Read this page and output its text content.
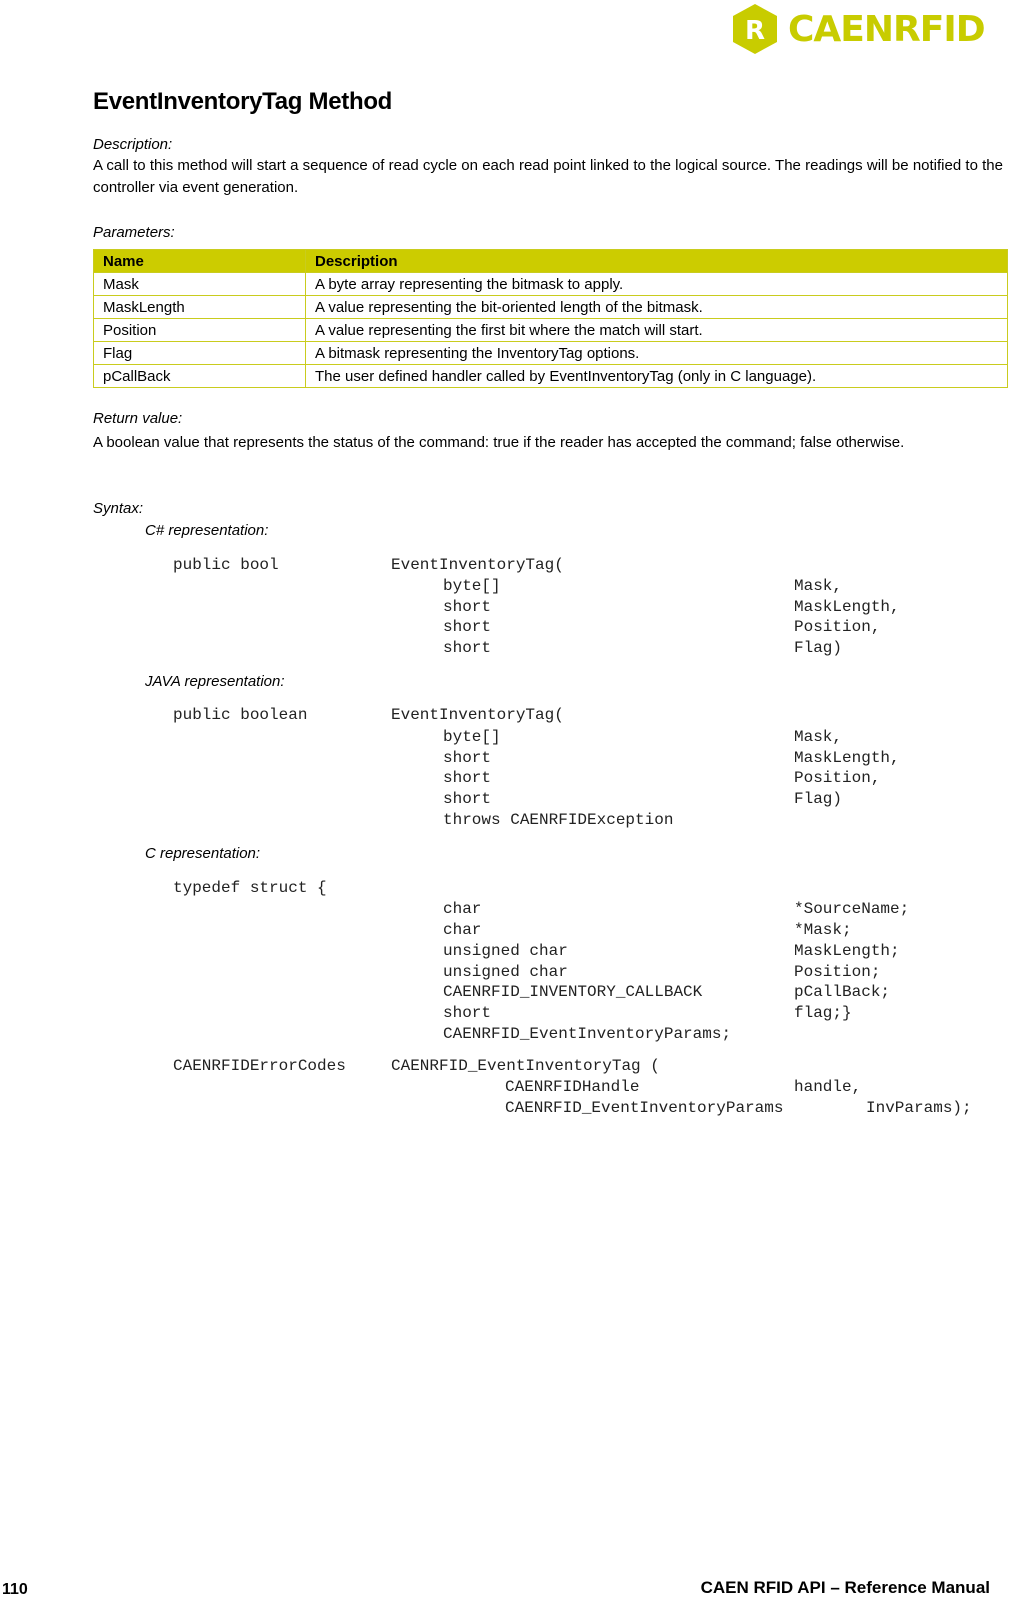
R CAENRFID
EventInventoryTag Method
Description:
A call to this method will start a sequence of read cycle on each read point linked to the logical source. The readings will be notified to the controller via event generation.
Parameters:
Name	Description
Mask	A byte array representing the bitmask to apply.
MaskLength	A value representing the bit-oriented length of the bitmask.
Position	A value representing the first bit where the match will start.
Flag	A bitmask representing the InventoryTag options.
pCallBack	The user defined handler called by EventInventoryTag (only in C language).
Return value:
A boolean value that represents the status of the command: true if the reader has accepted the command; false otherwise.
Syntax:
C# representation:
public bool	EventInventoryTag(
byte[]	Mask,
short	MaskLength,
short	Position,
short	Flag)
JAVA representation:
public boolean	EventInventoryTag(
byte[]	Mask,
short	MaskLength,
short	Position,
short	Flag)
throws CAENRFIDException
C representation:
typedef struct {
char	*SourceName;
char	*Mask;
unsigned char	MaskLength;
unsigned char	Position;
CAENRFID_INVENTORY_CALLBACK	pCallBack;
short	flag;}
CAENRFID_EventInventoryParams;
CAENRFIDErrorCodes	CAENRFID_EventInventoryTag (
CAENRFIDHandle	handle,
CAENRFID_EventInventoryParams	InvParams);
110	CAEN RFID API – Reference Manual
